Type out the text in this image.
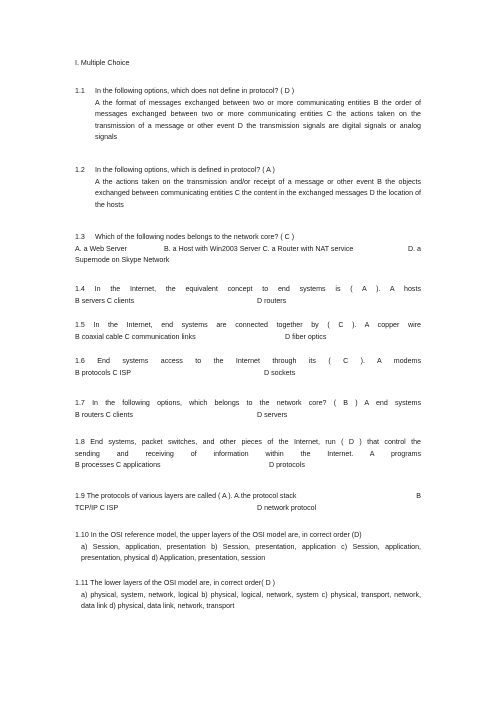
I. Multiple Choice
1.1	In the following options, which does not define in protocol? ( D )
A the format of messages exchanged between two or more communicating entities B the order of messages exchanged between two or more communicating entities C the actions taken on the transmission of a message or other event D the transmission signals are digital signals or analog signals
1.2	In the following options, which is defined in protocol? ( A )
A the actions taken on the transmission and/or receipt of a message or other event B the objects exchanged between communicating entities C the content in the exchanged messages D the location of the hosts
1.3	Which of the following nodes belongs to the network core? ( C )
A. a Web Server	B. a Host with Win2003 Server C. a Router with NAT service	D. a
Supernode on Skype Network
1.4 In the Internet, the equivalent concept to end systems is ( A ). A hosts
B servers C clients	D routers
1.5 In the Internet, end systems are connected together by ( C ). A copper wire
B coaxial cable C communication links	D fiber optics
1.6 End systems access to the Internet through its ( C ). A modems
B protocols C ISP	D sockets
1.7 In the following options, which belongs to the network core? ( B ) A end systems
B routers C clients	D servers
1.8 End systems, packet switches, and other pieces of the Internet, run ( D ) that control the
sending and receiving of information within the Internet. A programs
B processes C applications	D protocols
1.9 The protocols of various layers are called ( A ). A.the protocol stack	B
TCP/IP C ISP	D network protocol
1.10 In the OSI reference model, the upper layers of the OSI model are, in correct order (D)
a) Session, application, presentation b) Session, presentation, application c) Session, application, presentation, physical d) Application, presentation, session
1.11 The lower layers of the OSI model are, in correct order( D )
a) physical, system, network, logical b) physical, logical, network, system c) physical, transport, network, data link d) physical, data link, network, transport
